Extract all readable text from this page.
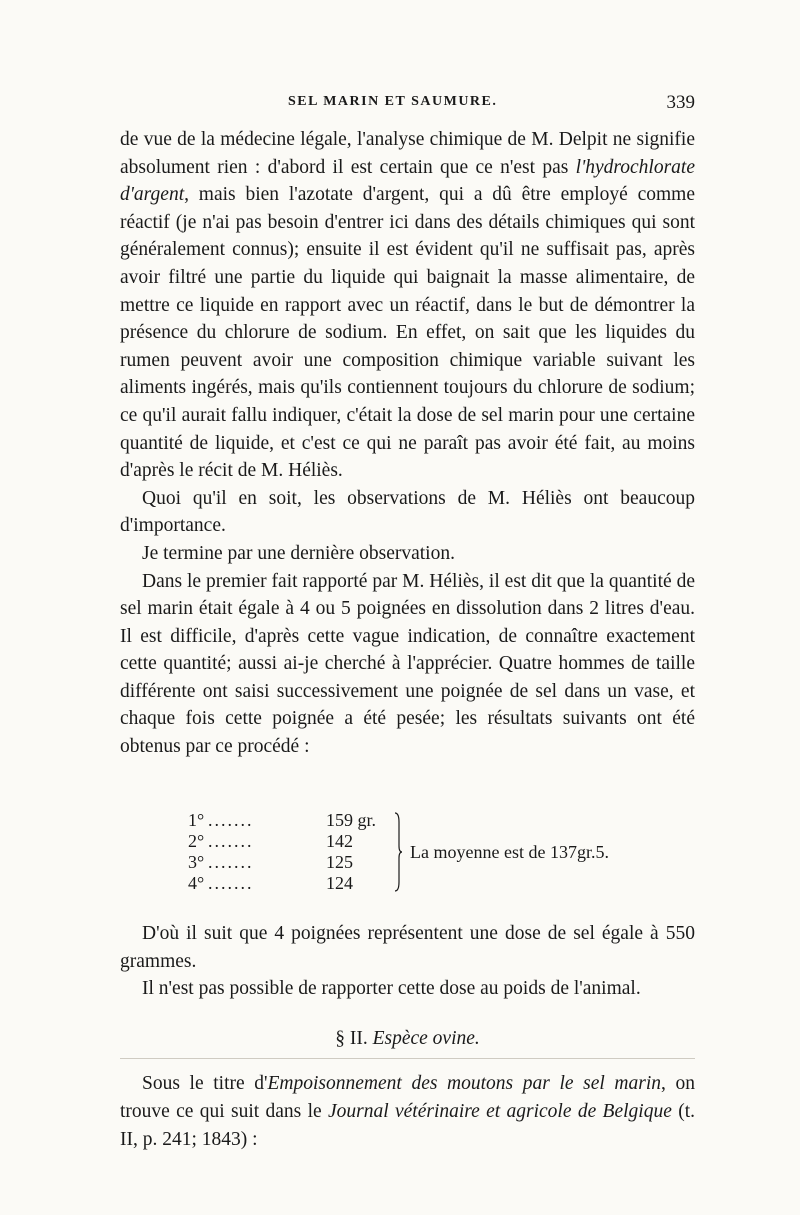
SEL MARIN ET SAUMURE.	339

de vue de la médecine légale, l'analyse chimique de M. Delpit ne signifie absolument rien : d'abord il est certain que ce n'est pas l'hydrochlorate d'argent, mais bien l'azotate d'argent, qui a dû être employé comme réactif (je n'ai pas besoin d'entrer ici dans des détails chimiques qui sont généralement connus); ensuite il est évident qu'il ne suffisait pas, après avoir filtré une partie du liquide qui baignait la masse alimentaire, de mettre ce liquide en rapport avec un réactif, dans le but de démontrer la présence du chlorure de sodium. En effet, on sait que les liquides du rumen peuvent avoir une composition chimique variable suivant les aliments ingérés, mais qu'ils contiennent toujours du chlorure de sodium; ce qu'il aurait fallu indiquer, c'était la dose de sel marin pour une certaine quantité de liquide, et c'est ce qui ne paraît pas avoir été fait, au moins d'après le récit de M. Héliès.

Quoi qu'il en soit, les observations de M. Héliès ont beaucoup d'importance.

Je termine par une dernière observation.

Dans le premier fait rapporté par M. Héliès, il est dit que la quantité de sel marin était égale à 4 ou 5 poignées en dissolution dans 2 litres d'eau. Il est difficile, d'après cette vague indication, de connaître exactement cette quantité; aussi ai-je cherché à l'apprécier. Quatre hommes de taille différente ont saisi successivement une poignée de sel dans un vase, et chaque fois cette poignée a été pesée; les résultats suivants ont été obtenus par ce procédé :

1° .......	159 gr.
2° .......	142
3° .......	125
4° .......	124
La moyenne est de 137gr.5.

D'où il suit que 4 poignées représentent une dose de sel égale à 550 grammes.

Il n'est pas possible de rapporter cette dose au poids de l'animal.

§ II. Espèce ovine.

Sous le titre d'Empoisonnement des moutons par le sel marin, on trouve ce qui suit dans le Journal vétérinaire et agricole de Belgique (t. II, p. 241; 1843) :
